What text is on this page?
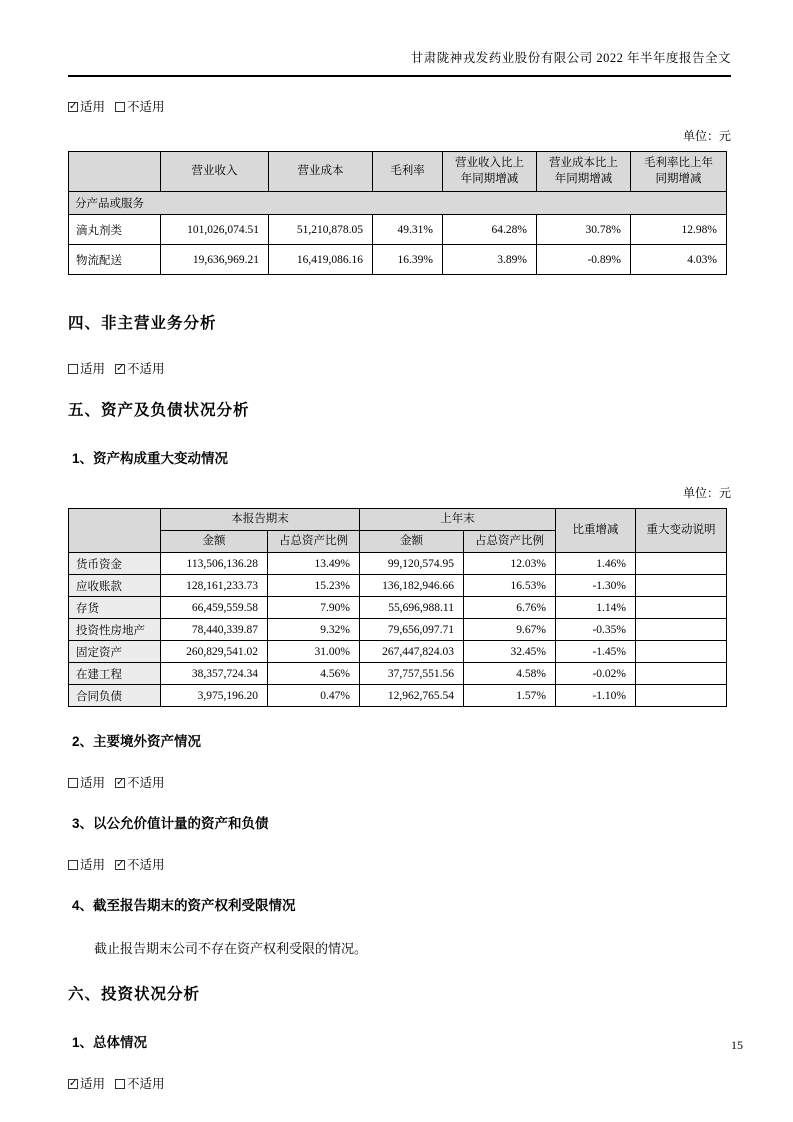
甘肃陇神戎发药业股份有限公司 2022 年半年度报告全文
✓适用 不适用
单位：元
	营业收入	营业成本	毛利率	营业收入比上年同期增减	营业成本比上年同期增减	毛利率比上年同期增减
分产品或服务						
滴丸剂类	101,026,074.51	51,210,878.05	49.31%	64.28%	30.78%	12.98%
物流配送	19,636,969.21	16,419,086.16	16.39%	3.89%	-0.89%	4.03%
四、非主营业务分析
适用 ✓ 不适用
五、资产及负债状况分析
1、资产构成重大变动情况
单位：元
	本报告期末		上年末		比重增减	重大变动说明
	金额	占总资产比例	金额	占总资产比例		
货币资金	113,506,136.28	13.49%	99,120,574.95	12.03%	1.46%	
应收账款	128,161,233.73	15.23%	136,182,946.66	16.53%	-1.30%	
存货	66,459,559.58	7.90%	55,696,988.11	6.76%	1.14%	
投资性房地产	78,440,339.87	9.32%	79,656,097.71	9.67%	-0.35%	
固定资产	260,829,541.02	31.00%	267,447,824.03	32.45%	-1.45%	
在建工程	38,357,724.34	4.56%	37,757,551.56	4.58%	-0.02%	
合同负债	3,975,196.20	0.47%	12,962,765.54	1.57%	-1.10%	
2、主要境外资产情况
适用 ✓ 不适用
3、以公允价值计量的资产和负债
适用 ✓ 不适用
4、截至报告期末的资产权利受限情况

截止报告期末公司不存在资产权利受限的情况。

六、投资状况分析
1、总体情况
✓适用 不适用
15
